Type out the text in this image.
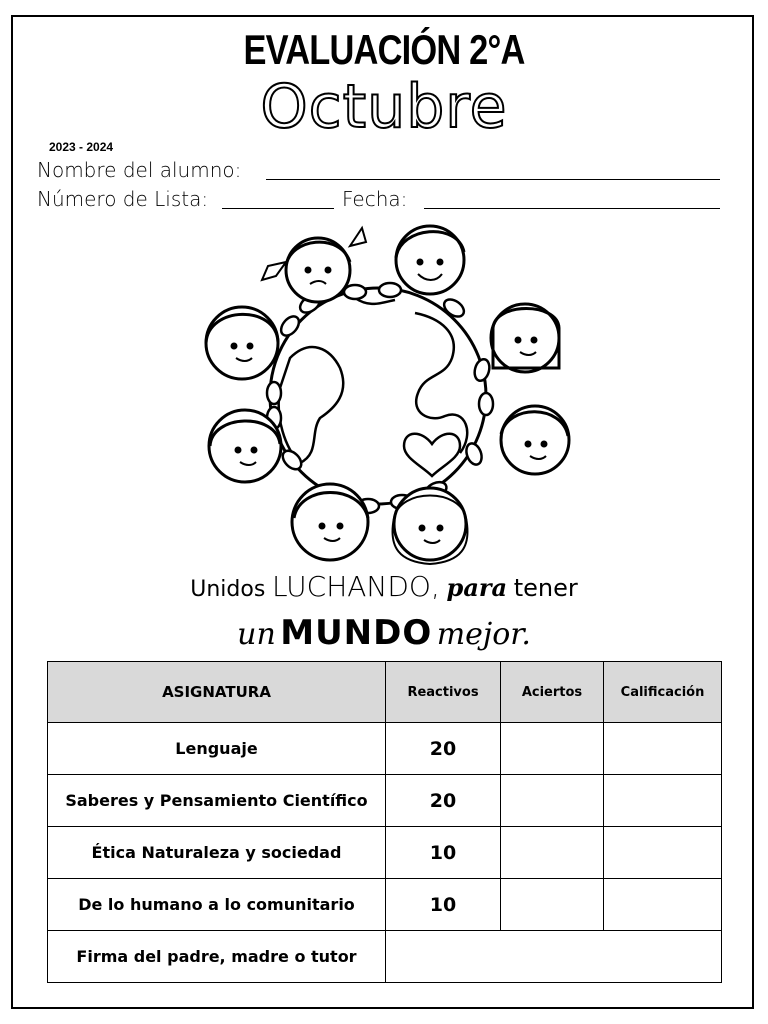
EVALUACIÓN 2°A
Octubre
2023 - 2024
Nombre del alumno:
Número de Lista:	Fecha:
Unidos LUCHANDO, para tener
un MUNDO mejor.
ASIGNATURA	Reactivos	Aciertos	Calificación
Lenguaje	20		
Saberes y Pensamiento Científico	20		
Ética Naturaleza y sociedad	10		
De lo humano a lo comunitario	10		
Firma del padre, madre o tutor			
